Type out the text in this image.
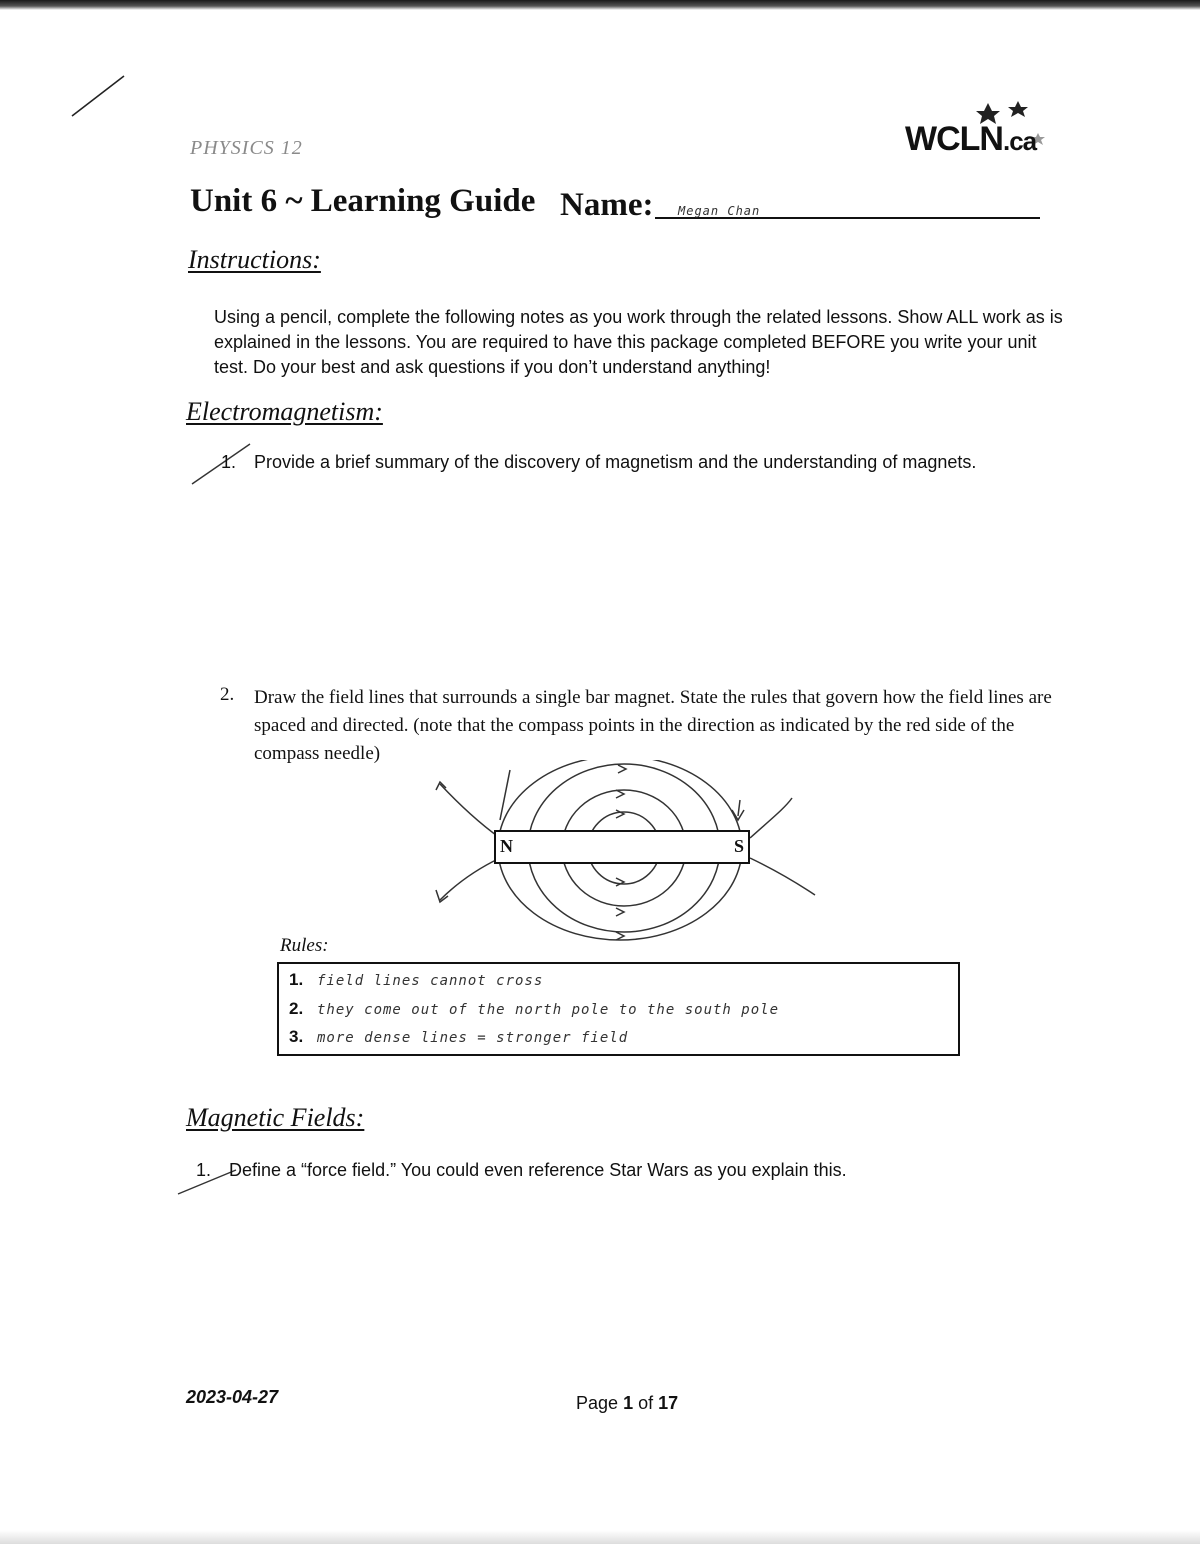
PHYSICS 12	WCLN.ca
Unit 6 ~ Learning Guide Name: Megan Chan
Instructions:
Using a pencil, complete the following notes as you work through the related lessons. Show ALL work as is explained in the lessons. You are required to have this package completed BEFORE you write your unit test. Do your best and ask questions if you don’t understand anything!
Electromagnetism:
1. Provide a brief summary of the discovery of magnetism and the understanding of magnets.
2. Draw the field lines that surrounds a single bar magnet. State the rules that govern how the field lines are spaced and directed. (note that the compass points in the direction as indicated by the red side of the compass needle)
N	S
Rules:
1. field lines cannot cross
2. they come out of the north pole to the south pole
3. more dense lines = stronger field
Magnetic Fields:
1. Define a “force field.” You could even reference Star Wars as you explain this.
2023-04-27	Page 1 of 17
